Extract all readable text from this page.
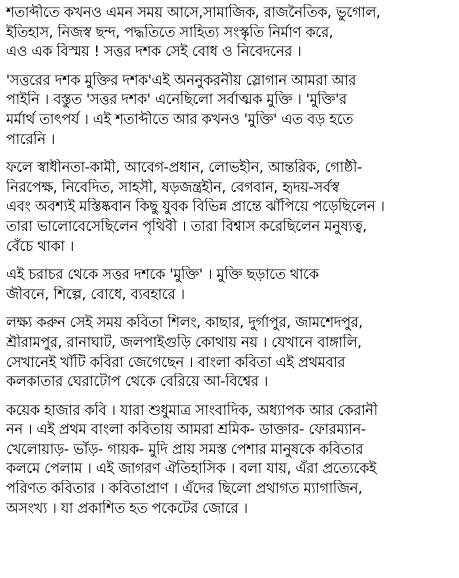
শতাব্দীতে কখনও এমন সময় আসে,সামাজিক, রাজনৈতিক, ভুগোল,
ইতিহাস, নিজস্ব ছন্দ, পদ্ধতিতে সাহিত্য সংস্কৃতি নির্মাণ করে,
এও এক বিস্ময় ! সত্তর দশক সেই বোধ ও নিবেদনের ।
'সত্তরের দশক মুক্তির দশক'এই অননুকরনীয় স্লোগান আমরা আর
পাইনি । বস্তুত 'সত্তর দশক' এনেছিলো সর্বাত্মক মুক্তি । 'মুক্তি'র
মর্মার্থ তাৎপর্য । এই শতাব্দীতে আর কখনও 'মুক্তি' এত বড় হতে
পারেনি ।
ফলে স্বাধীনতা-কামী, আবেগ-প্রধান, লোভহীন, আন্তরিক, গোষ্ঠী-
নিরপেক্ষ, নিবেদিত, সাহসী, ষড়জন্ত্রহীন, বেগবান, হৃদয়-সর্বস্ব
এবং অবশ্যই মস্তিষ্কবান কিছু যুবক বিভিন্ন প্রান্তে ঝাঁপিয়ে পড়েছিলেন ।
তারা ভালোবেসেছিলেন পৃথিবী । তারা বিশ্বাস করেছিলেন মনুষ্যত্ব,
বেঁচে থাকা ।
এই চরাচর থেকে সত্তর দশকে 'মুক্তি' । মুক্তি ছড়াতে থাকে
জীবনে, শিল্পে, বোধে, ব্যবহারে ।
লক্ষ্য করুন সেই সময় কবিতা শিলং, কাছার, দুর্গাপুর, জামশেদপুর,
শ্রীরামপুর, রানাঘাট, জলপাইগুড়ি কোথায় নয় । যেখানে বাঙ্গালি,
সেখানেই খাঁটি কবিরা জেগেছেন । বাংলা কবিতা এই প্রথমবার
কলকাতার ঘেরাটোপ থেকে বেরিয়ে আ-বিশ্বের ।
কয়েক হাজার কবি । যারা শুধুমাত্র সাংবাদিক, অধ্যাপক আর কেরানী
নন । এই প্রথম বাংলা কবিতায় আমরা শ্রমিক- ডাক্তার- ফোরম্যান-
খেলোয়াড়- ভাঁড়- গায়ক- মুদি প্রায় সমস্ত পেশার মানুষকে কবিতার
কলমে পেলাম । এই জাগরণ ঐতিহাসিক । বলা যায়, এঁরা প্রত্যেকেই
পরিণত কবিতার । কবিতাপ্রাণ । এঁদের ছিলো প্রথাগত ম্যাগাজিন,
অসংখ্য । যা প্রকাশিত হত পকেটের জোরে ।
